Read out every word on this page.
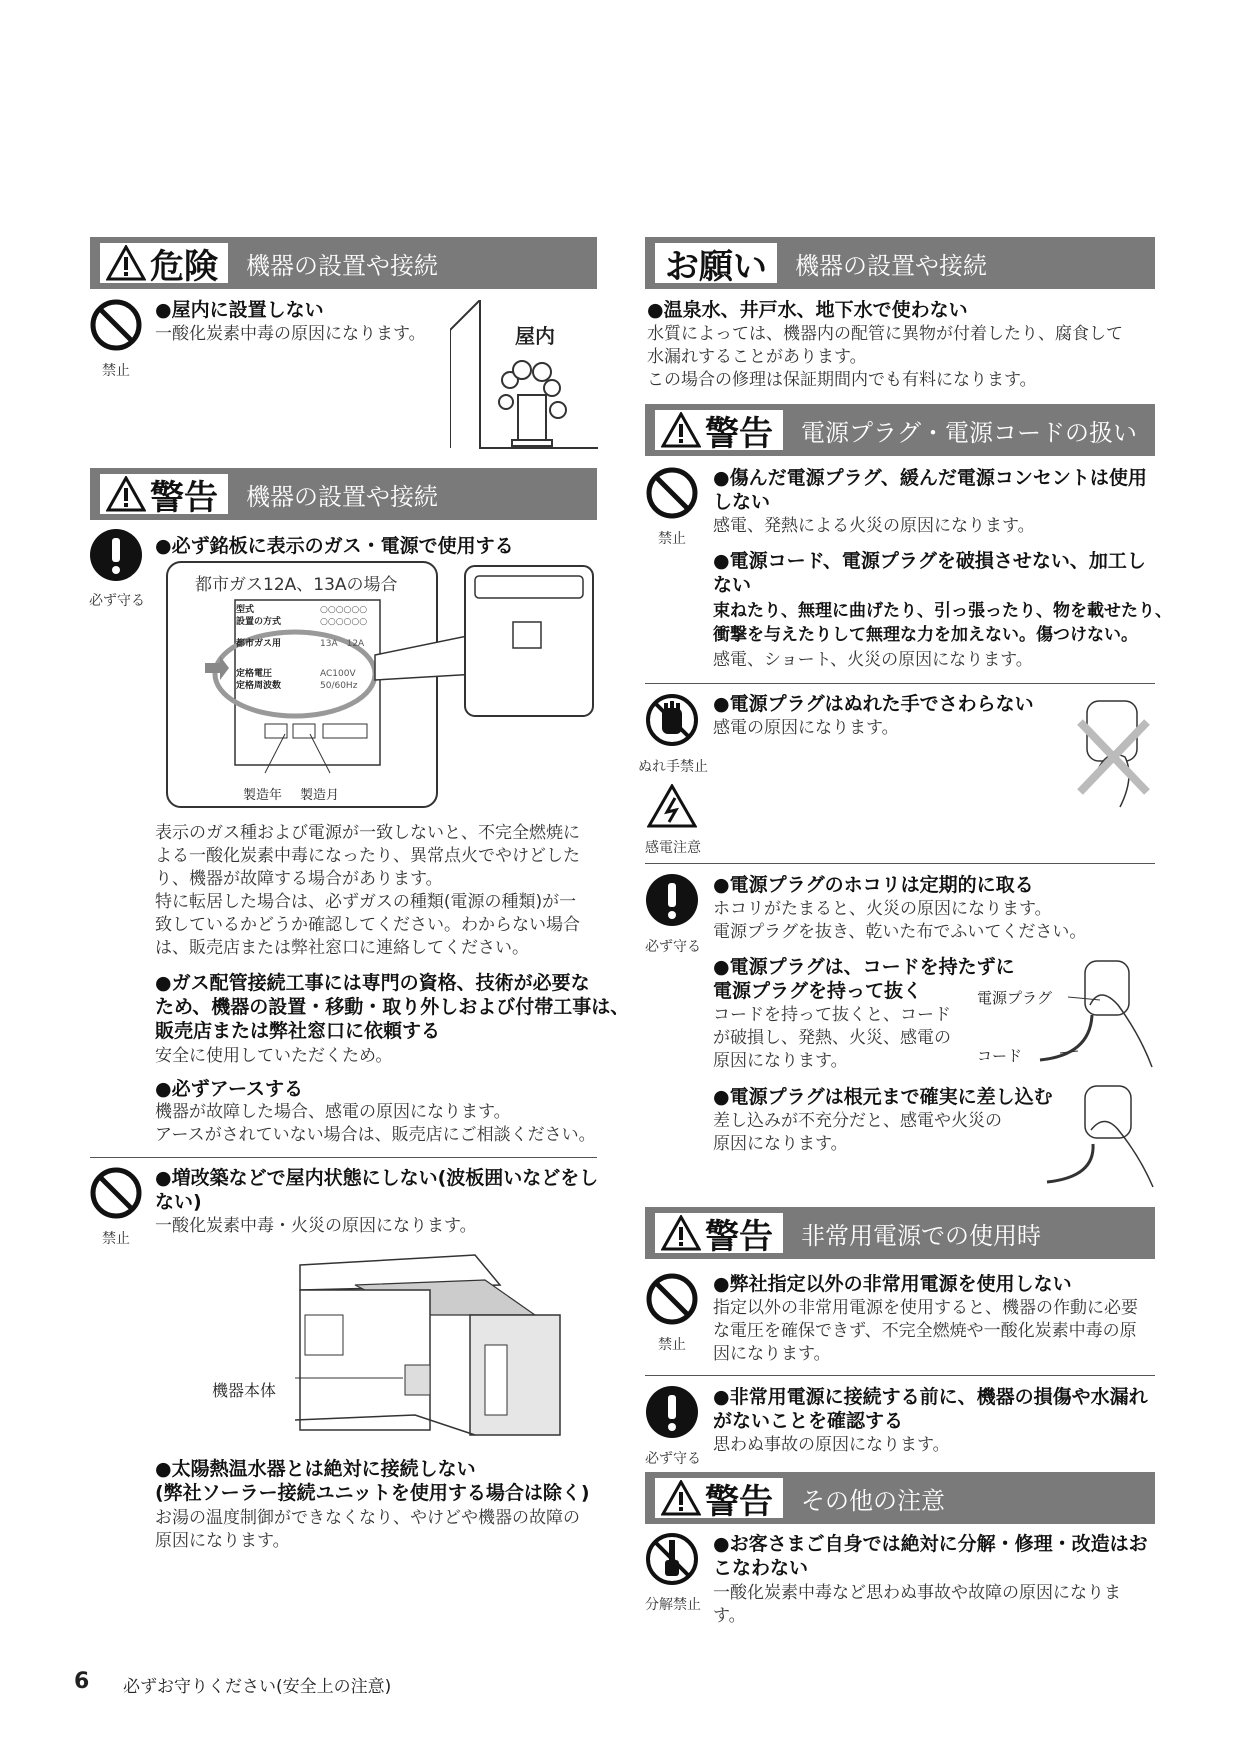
危険 機器の設置や接続
禁止
●屋内に設置しない
一酸化炭素中毒の原因になります。	屋内
警告 機器の設置や接続
必ず守る
●必ず銘板に表示のガス・電源で使用する
都市ガス12A、13Aの場合
型式
設置の方式
都市ガス用
定格電圧
定格周波数
○○○○○○
○○○○○○
13A　12A
AC100V
50/60Hz
製造年 製造月
表示のガス種および電源が一致しないと、不完全燃焼に
よる一酸化炭素中毒になったり、異常点火でやけどした
り、機器が故障する場合があります。
特に転居した場合は、必ずガスの種類(電源の種類)が一
致しているかどうか確認してください。わからない場合
は、販売店または弊社窓口に連絡してください。
●ガス配管接続工事には専門の資格、技術が必要な
ため、機器の設置・移動・取り外しおよび付帯工事は、
販売店または弊社窓口に依頼する
安全に使用していただくため。
●必ずアースする
機器が故障した場合、感電の原因になります。
アースがされていない場合は、販売店にご相談ください。
禁止
●増改築などで屋内状態にしない(波板囲いなどをし
ない)
一酸化炭素中毒・火災の原因になります。
機器本体
●太陽熱温水器とは絶対に接続しない
(弊社ソーラー接続ユニットを使用する場合は除く)
お湯の温度制御ができなくなり、やけどや機器の故障の
原因になります。
お願い 機器の設置や接続
●温泉水、井戸水、地下水で使わない
水質によっては、機器内の配管に異物が付着したり、腐食して
水漏れすることがあります。
この場合の修理は保証期間内でも有料になります。
警告 電源プラグ・電源コードの扱い
禁止
●傷んだ電源プラグ、緩んだ電源コンセントは使用
しない
感電、発熱による火災の原因になります。
●電源コード、電源プラグを破損させない、加工し
ない
束ねたり、無理に曲げたり、引っ張ったり、物を載せたり、
衝撃を与えたりして無理な力を加えない。傷つけない。
感電、ショート、火災の原因になります。
ぬれ手禁止
感電注意
●電源プラグはぬれた手でさわらない
感電の原因になります。
必ず守る
●電源プラグのホコリは定期的に取る
ホコリがたまると、火災の原因になります。
電源プラグを抜き、乾いた布でふいてください。
●電源プラグは、コードを持たずに
電源プラグを持って抜く
コードを持って抜くと、コード
が破損し、発熱、火災、感電の
原因になります。
電源プラグ
コード
●電源プラグは根元まで確実に差し込む
差し込みが不充分だと、感電や火災の
原因になります。
警告 非常用電源での使用時
禁止
●弊社指定以外の非常用電源を使用しない
指定以外の非常用電源を使用すると、機器の作動に必要
な電圧を確保できず、不完全燃焼や一酸化炭素中毒の原
因になります。
必ず守る
●非常用電源に接続する前に、機器の損傷や水漏れ
がないことを確認する
思わぬ事故の原因になります。
警告 その他の注意
分解禁止
●お客さまご自身では絶対に分解・修理・改造はお
こなわない
一酸化炭素中毒など思わぬ事故や故障の原因になりま
す。
6 必ずお守りください(安全上の注意)
